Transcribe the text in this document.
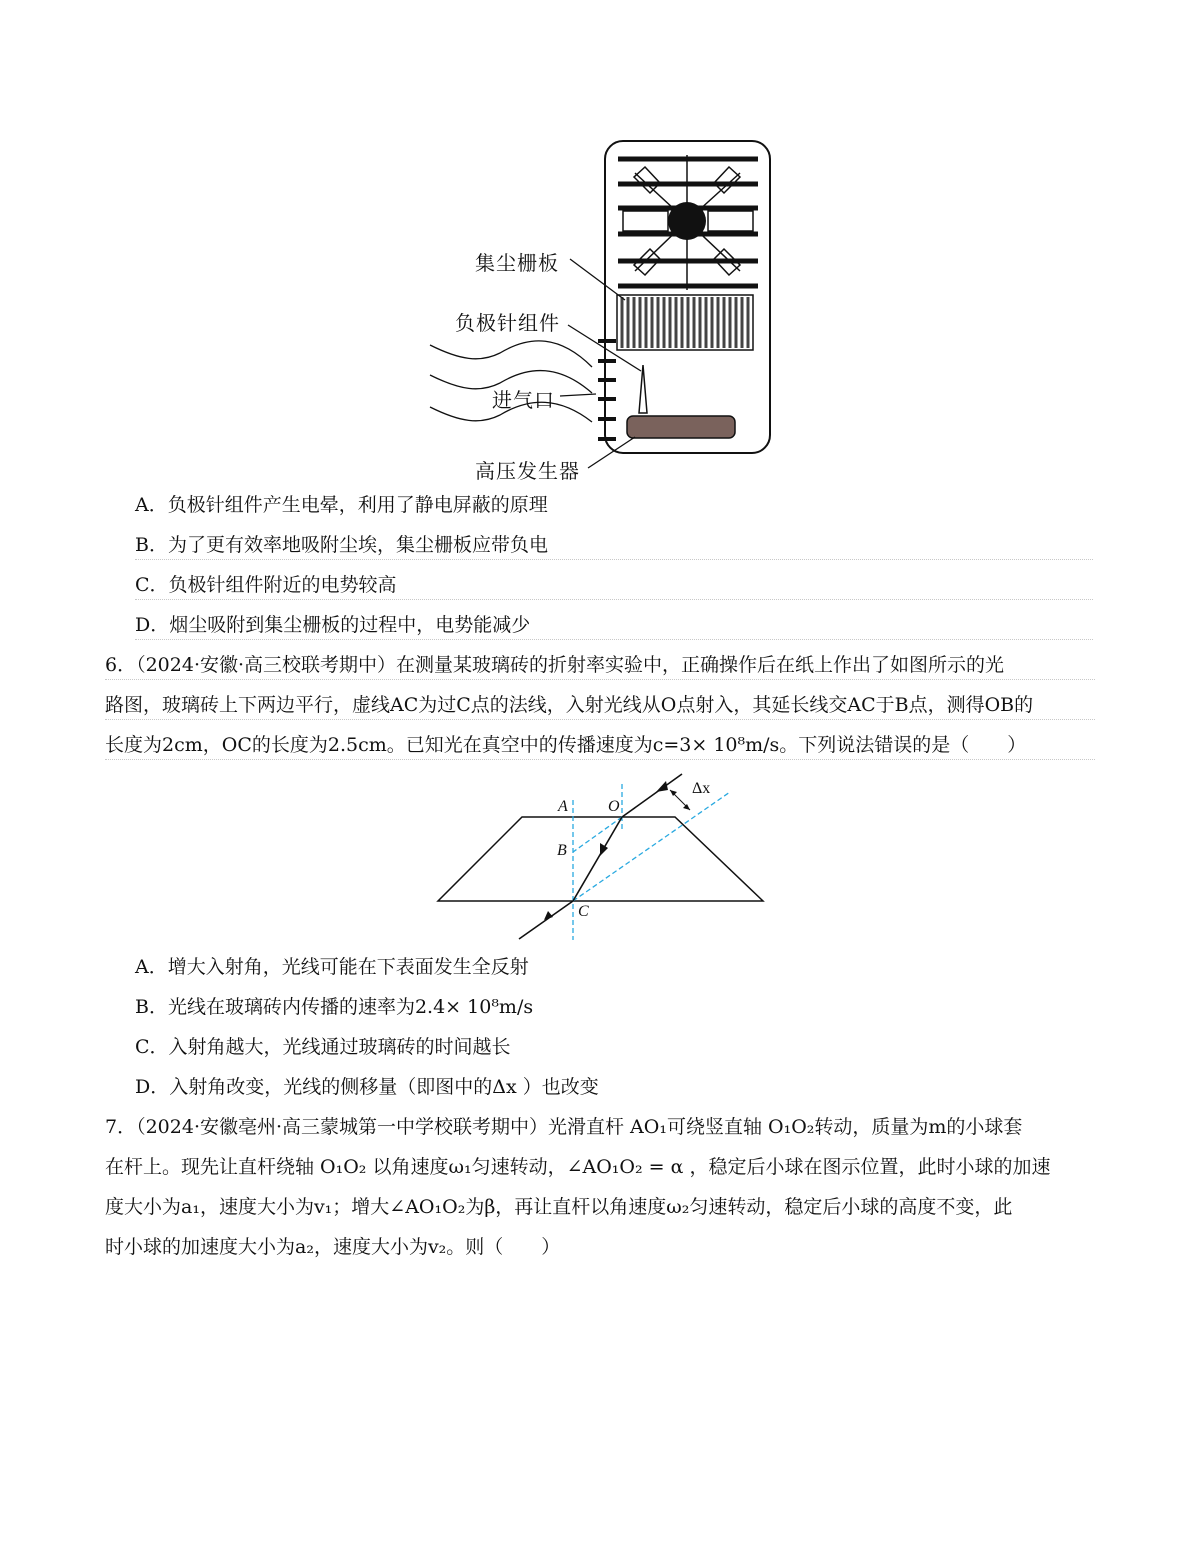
集尘栅板
负极针组件
进气口
高压发生器
A．负极针组件产生电晕，利用了静电屏蔽的原理
B．为了更有效率地吸附尘埃，集尘栅板应带负电
C．负极针组件附近的电势较高
D．烟尘吸附到集尘栅板的过程中，电势能减少
6．（2024·安徽·高三校联考期中）在测量某玻璃砖的折射率实验中，正确操作后在纸上作出了如图所示的光
路图，玻璃砖上下两边平行，虚线AC为过C点的法线，入射光线从O点射入，其延长线交AC于B点，测得OB的
长度为2cm，OC的长度为2.5cm。已知光在真空中的传播速度为c=3× 10⁸m/s。下列说法错误的是（　　）
A	O
B
C
Δx
A．增大入射角，光线可能在下表面发生全反射
B．光线在玻璃砖内传播的速率为2.4× 10⁸m/s
C．入射角越大，光线通过玻璃砖的时间越长
D．入射角改变，光线的侧移量（即图中的Δx ）也改变
7．（2024·安徽亳州·高三蒙城第一中学校联考期中）光滑直杆 AO₁可绕竖直轴 O₁O₂转动，质量为m的小球套
在杆上。现先让直杆绕轴 O₁O₂ 以角速度ω₁匀速转动，∠AO₁O₂ = α ，稳定后小球在图示位置，此时小球的加速
度大小为a₁，速度大小为v₁；增大∠AO₁O₂为β，再让直杆以角速度ω₂匀速转动，稳定后小球的高度不变，此
时小球的加速度大小为a₂，速度大小为v₂。则（　　）
